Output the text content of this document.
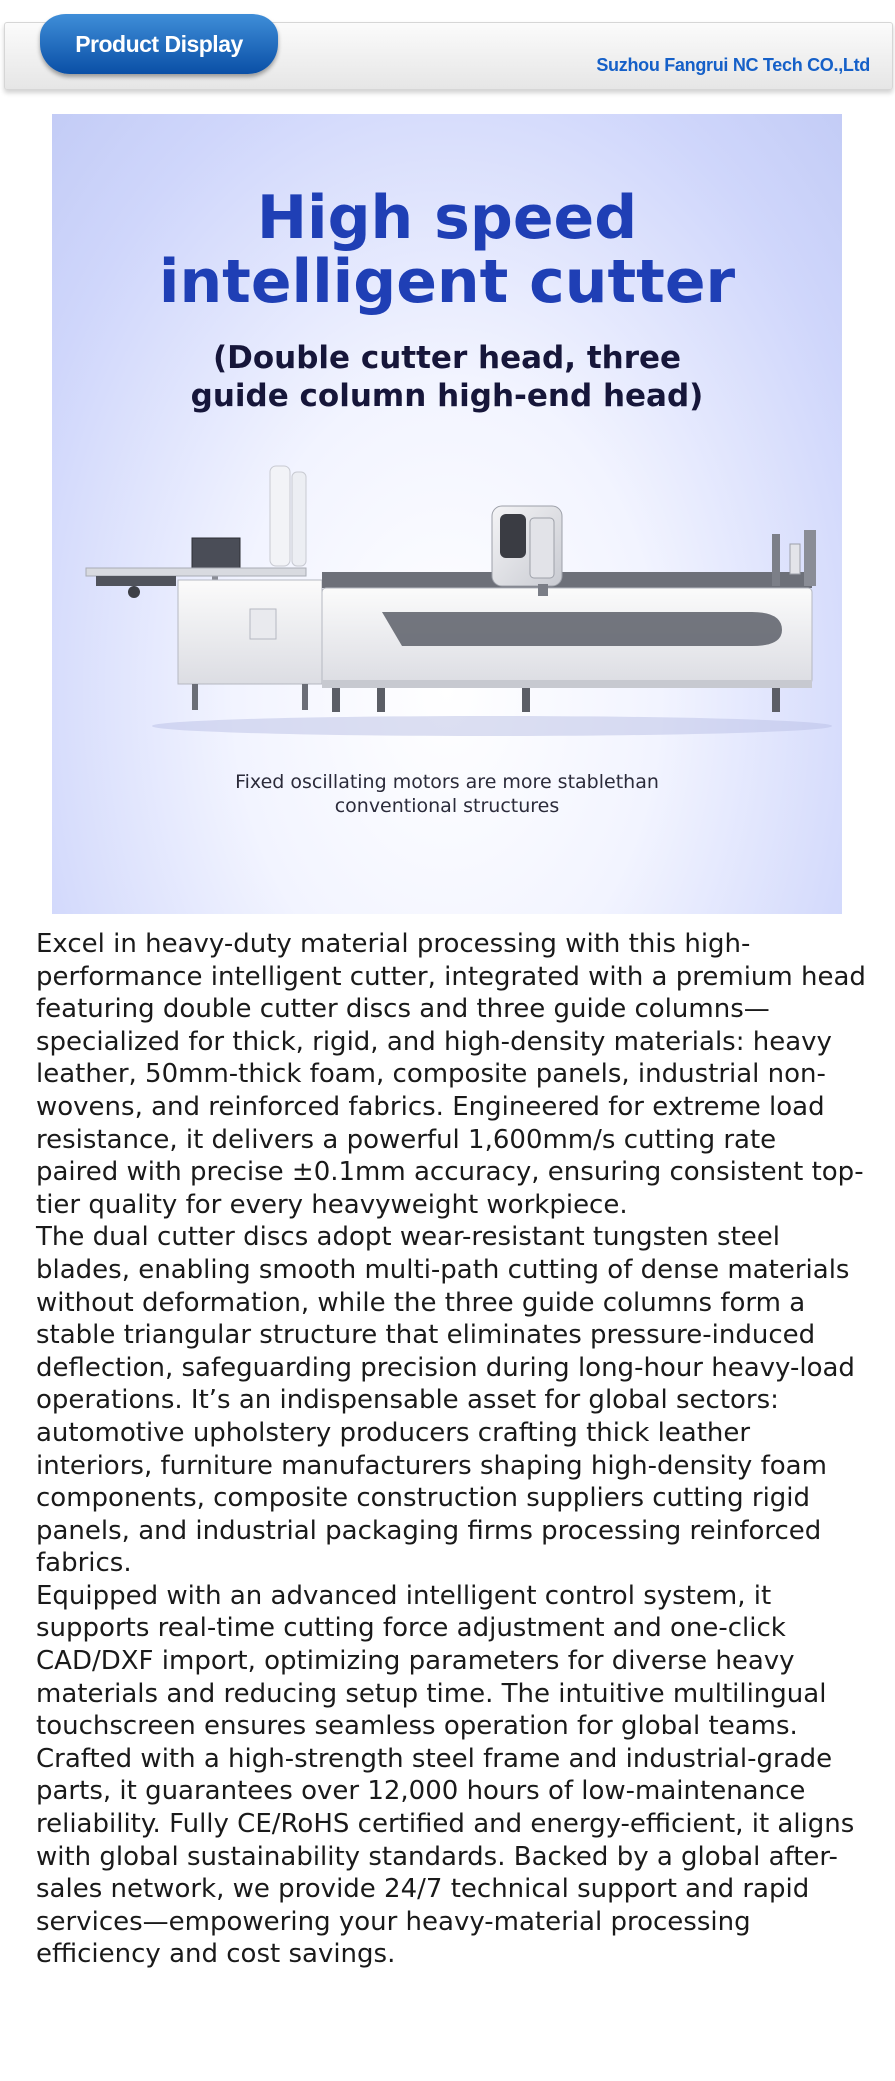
Suzhou Fangrui NC Tech CO.,Ltd
Product Display
High speed
intelligent cutter
(Double cutter head, three
guide column high-end head)
Fixed oscillating motors are more stablethan
conventional structures

Excel in heavy-duty material processing with this high-performance intelligent cutter, integrated with a premium head featuring double cutter discs and three guide columns—specialized for thick, rigid, and high-density materials: heavy leather, 50mm-thick foam, composite panels, industrial non-wovens, and reinforced fabrics. Engineered for extreme load resistance, it delivers a powerful 1,600mm/s cutting rate paired with precise ±0.1mm accuracy, ensuring consistent top-tier quality for every heavyweight workpiece.

The dual cutter discs adopt wear-resistant tungsten steel blades, enabling smooth multi-path cutting of dense materials without deformation, while the three guide columns form a stable triangular structure that eliminates pressure-induced deflection, safeguarding precision during long-hour heavy-load operations. It’s an indispensable asset for global sectors: automotive upholstery producers crafting thick leather interiors, furniture manufacturers shaping high-density foam components, composite construction suppliers cutting rigid panels, and industrial packaging firms processing reinforced fabrics.

Equipped with an advanced intelligent control system, it supports real-time cutting force adjustment and one-click CAD/DXF import, optimizing parameters for diverse heavy materials and reducing setup time. The intuitive multilingual touchscreen ensures seamless operation for global teams. Crafted with a high-strength steel frame and industrial-grade parts, it guarantees over 12,000 hours of low-maintenance reliability. Fully CE/RoHS certified and energy-efficient, it aligns with global sustainability standards. Backed by a global after-sales network, we provide 24/7 technical support and rapid services—empowering your heavy-material processing efficiency and cost savings.
